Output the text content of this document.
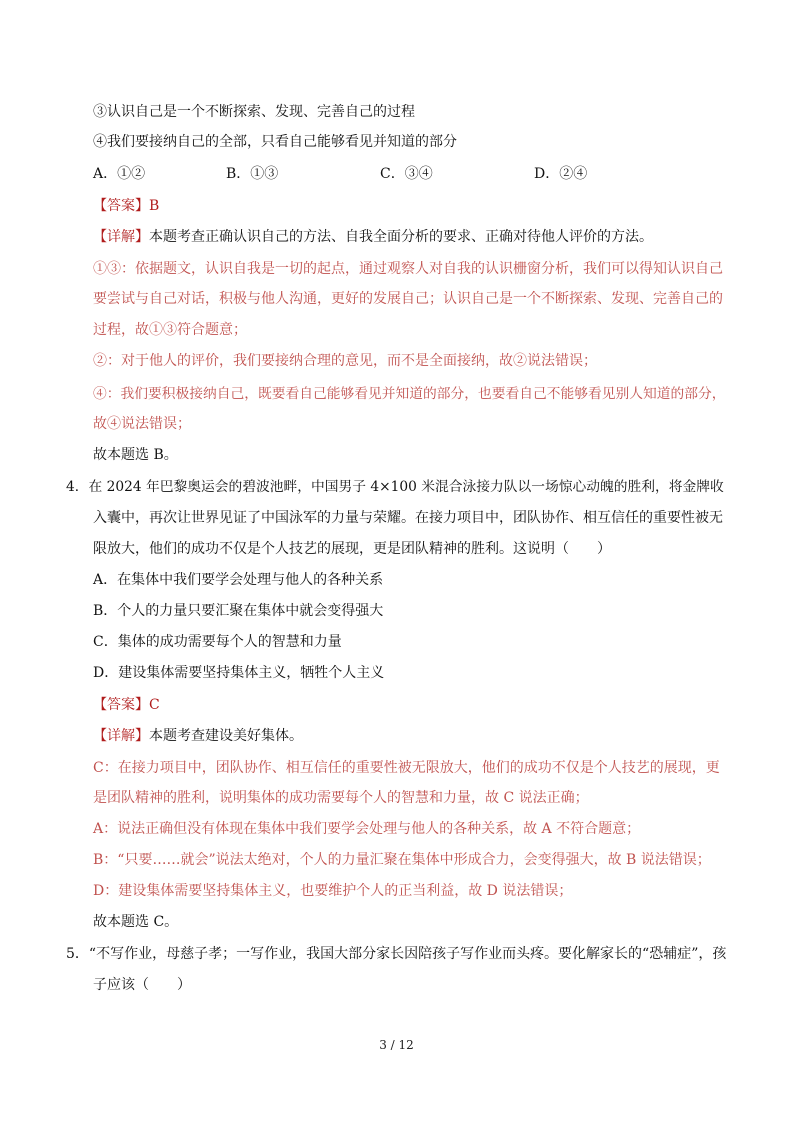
③认识自己是一个不断探索、发现、完善自己的过程
④我们要接纳自己的全部，只看自己能够看见并知道的部分
A．①②	B．①③	C．③④	D．②④
【答案】B
【详解】本题考查正确认识自己的方法、自我全面分析的要求、正确对待他人评价的方法。
①③：依据题文，认识自我是一切的起点，通过观察人对自我的认识栅窗分析，我们可以得知认识自己
要尝试与自己对话，积极与他人沟通，更好的发展自己；认识自己是一个不断探索、发现、完善自己的
过程，故①③符合题意；
②：对于他人的评价，我们要接纳合理的意见，而不是全面接纳，故②说法错误；
④：我们要积极接纳自己，既要看自己能够看见并知道的部分，也要看自己不能够看见别人知道的部分，
故④说法错误；
故本题选 B。
4．在 2024 年巴黎奥运会的碧波池畔，中国男子 4×100 米混合泳接力队以一场惊心动魄的胜利，将金牌收
入囊中，再次让世界见证了中国泳军的力量与荣耀。在接力项目中，团队协作、相互信任的重要性被无
限放大，他们的成功不仅是个人技艺的展现，更是团队精神的胜利。这说明（　　）
A．在集体中我们要学会处理与他人的各种关系
B．个人的力量只要汇聚在集体中就会变得强大
C．集体的成功需要每个人的智慧和力量
D．建设集体需要坚持集体主义，牺牲个人主义
【答案】C
【详解】本题考查建设美好集体。
C：在接力项目中，团队协作、相互信任的重要性被无限放大，他们的成功不仅是个人技艺的展现，更
是团队精神的胜利，说明集体的成功需要每个人的智慧和力量，故 C 说法正确；
A：说法正确但没有体现在集体中我们要学会处理与他人的各种关系，故 A 不符合题意；
B：“只要……就会”说法太绝对，个人的力量汇聚在集体中形成合力，会变得强大，故 B 说法错误；
D：建设集体需要坚持集体主义，也要维护个人的正当利益，故 D 说法错误；
故本题选 C。
5．“不写作业，母慈子孝；一写作业，我国大部分家长因陪孩子写作业而头疼。要化解家长的“恐辅症”，孩
子应该（　　）
3 / 12
